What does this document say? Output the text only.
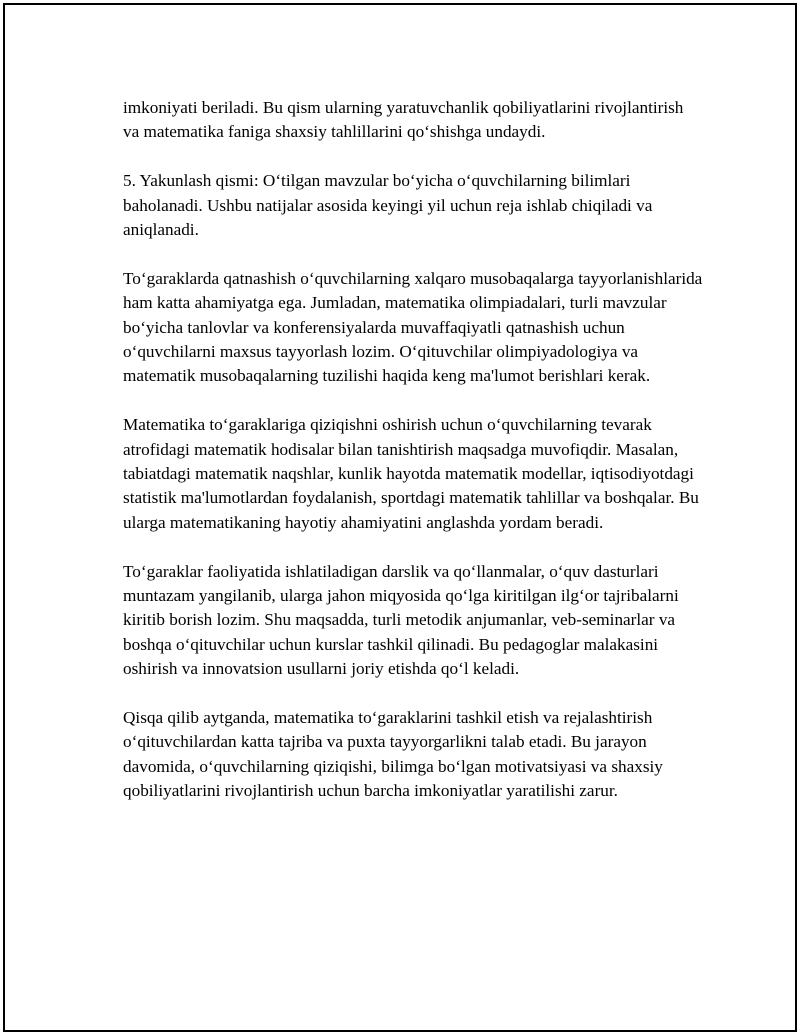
imkoniyati beriladi. Bu qism ularning yaratuvchanlik qobiliyatlarini rivojlantirish va matematika faniga shaxsiy tahlillarini qo‘shishga undaydi.

5. Yakunlash qismi: O‘tilgan mavzular bo‘yicha o‘quvchilarning bilimlari baholanadi. Ushbu natijalar asosida keyingi yil uchun reja ishlab chiqiladi va aniqlanadi.

To‘garaklarda qatnashish o‘quvchilarning xalqaro musobaqalarga tayyorlanishlarida ham katta ahamiyatga ega. Jumladan, matematika olimpiadalari, turli mavzular bo‘yicha tanlovlar va konferensiyalarda muvaffaqiyatli qatnashish uchun o‘quvchilarni maxsus tayyorlash lozim. O‘qituvchilar olimpiyadologiya va matematik musobaqalarning tuzilishi haqida keng ma'lumot berishlari kerak.

Matematika to‘garaklariga qiziqishni oshirish uchun o‘quvchilarning tevarak atrofidagi matematik hodisalar bilan tanishtirish maqsadga muvofiqdir. Masalan, tabiatdagi matematik naqshlar, kunlik hayotda matematik modellar, iqtisodiyotdagi statistik ma'lumotlardan foydalanish, sportdagi matematik tahlillar va boshqalar. Bu ularga matematikaning hayotiy ahamiyatini anglashda yordam beradi.

To‘garaklar faoliyatida ishlatiladigan darslik va qo‘llanmalar, o‘quv dasturlari muntazam yangilanib, ularga jahon miqyosida qo‘lga kiritilgan ilg‘or tajribalarni kiritib borish lozim. Shu maqsadda, turli metodik anjumanlar, veb-seminarlar va boshqa o‘qituvchilar uchun kurslar tashkil qilinadi. Bu pedagoglar malakasini oshirish va innovatsion usullarni joriy etishda qo‘l keladi.

Qisqa qilib aytganda, matematika to‘garaklarini tashkil etish va rejalashtirish o‘qituvchilardan katta tajriba va puxta tayyorgarlikni talab etadi. Bu jarayon davomida, o‘quvchilarning qiziqishi, bilimga bo‘lgan motivatsiyasi va shaxsiy qobiliyatlarini rivojlantirish uchun barcha imkoniyatlar yaratilishi zarur.
